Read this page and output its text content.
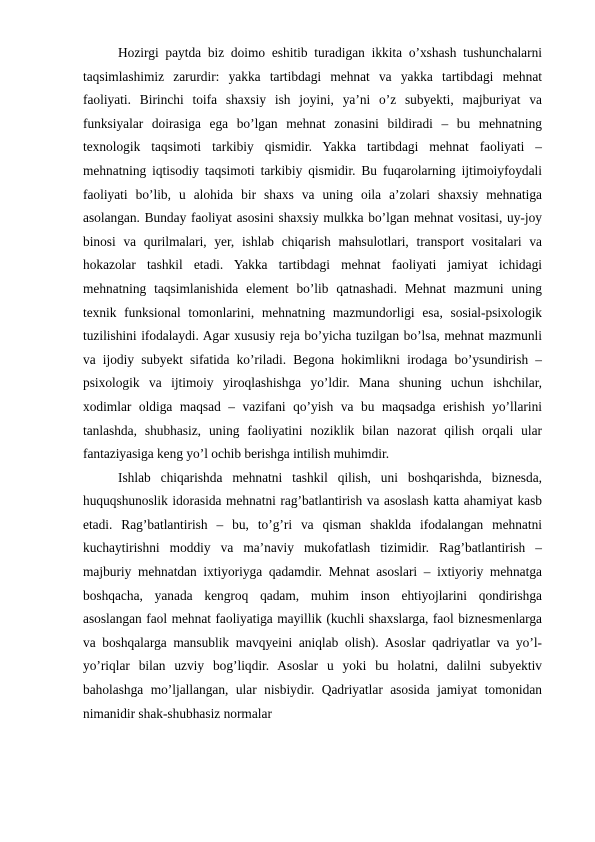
Hozirgi paytda biz doimo eshitib turadigan ikkita o’xshash tushunchalarni taqsimlashimiz zarurdir: yakka tartibdagi mehnat va yakka tartibdagi mehnat faoliyati. Birinchi toifa shaxsiy ish joyini, ya’ni o’z subyekti, majburiyat va funksiyalar doirasiga ega bo’lgan mehnat zonasini bildiradi – bu mehnatning texnologik taqsimoti tarkibiy qismidir. Yakka tartibdagi mehnat faoliyati – mehnatning iqtisodiy taqsimoti tarkibiy qismidir. Bu fuqarolarning ijtimoiyfoydali faoliyati bo’lib, u alohida bir shaxs va uning oila a’zolari shaxsiy mehnatiga asolangan. Bunday faoliyat asosini shaxsiy mulkka bo’lgan mehnat vositasi, uy-joy binosi va qurilmalari, yer, ishlab chiqarish mahsulotlari, transport vositalari va hokazolar tashkil etadi. Yakka tartibdagi mehnat faoliyati jamiyat ichidagi mehnatning taqsimlanishida element bo’lib qatnashadi. Mehnat mazmuni uning texnik funksional tomonlarini, mehnatning mazmundorligi esa, sosial-psixologik tuzilishini ifodalaydi. Agar xususiy reja bo’yicha tuzilgan bo’lsa, mehnat mazmunli va ijodiy subyekt sifatida ko’riladi. Begona hokimlikni irodaga bo’ysundirish – psixologik va ijtimoiy yiroqlashishga yo’ldir. Mana shuning uchun ishchilar, xodimlar oldiga maqsad – vazifani qo’yish va bu maqsadga erishish yo’llarini tanlashda, shubhasiz, uning faoliyatini noziklik bilan nazorat qilish orqali ular fantaziyasiga keng yo’l ochib berishga intilish muhimdir.

Ishlab chiqarishda mehnatni tashkil qilish, uni boshqarishda, biznesda, huquqshunoslik idorasida mehnatni rag’batlantirish va asoslash katta ahamiyat kasb etadi. Rag’batlantirish – bu, to’g’ri va qisman shaklda ifodalangan mehnatni kuchaytirishni moddiy va ma’naviy mukofatlash tizimidir. Rag’batlantirish – majburiy mehnatdan ixtiyoriyga qadamdir. Mehnat asoslari – ixtiyoriy mehnatga boshqacha, yanada kengroq qadam, muhim inson ehtiyojlarini qondirishga asoslangan faol mehnat faoliyatiga mayillik (kuchli shaxslarga, faol biznesmenlarga va boshqalarga mansublik mavqyeini aniqlab olish). Asoslar qadriyatlar va yo’l-yo’riqlar bilan uzviy bog’liqdir. Asoslar u yoki bu holatni, dalilni subyektiv baholashga mo’ljallangan, ular nisbiydir. Qadriyatlar asosida jamiyat tomonidan nimanidir shak-shubhasiz normalar
